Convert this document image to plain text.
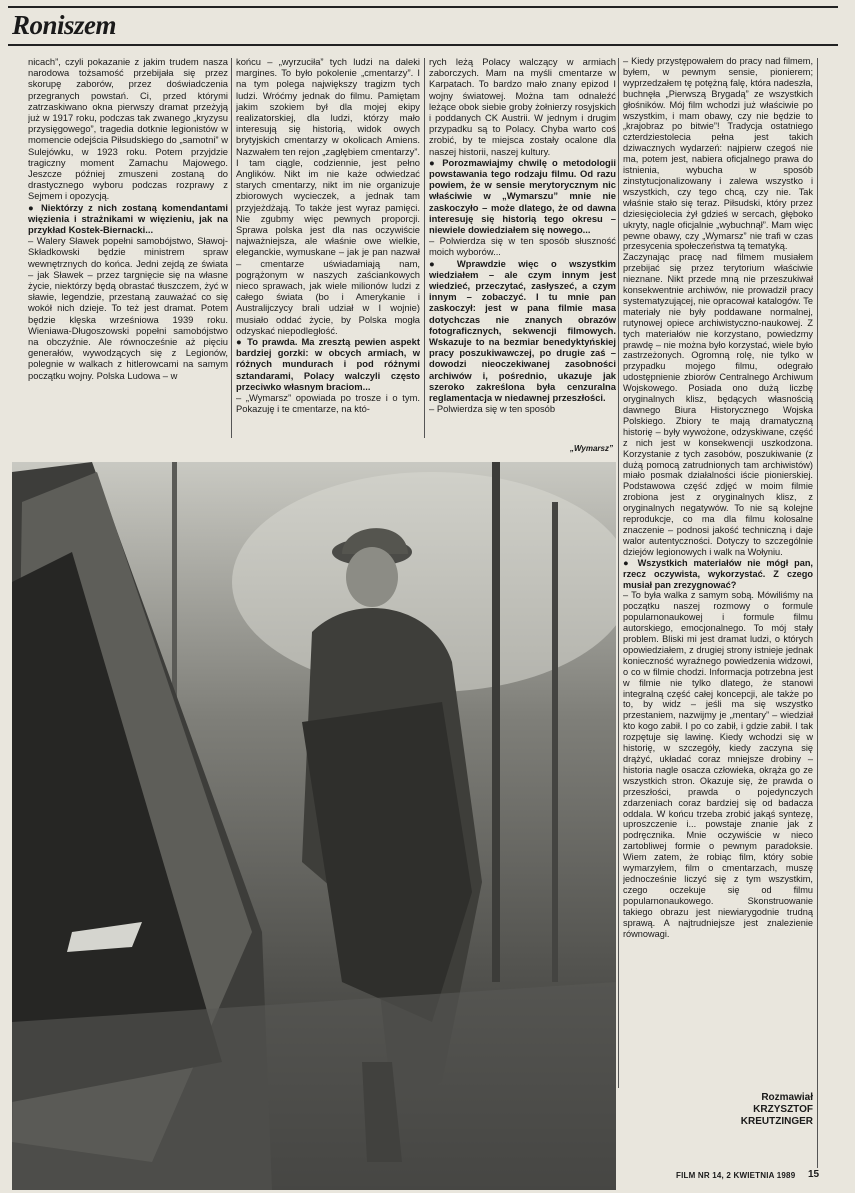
Roniszem

nicach”, czyli pokazanie z jakim trudem nasza narodowa tożsamość przebijała się przez skorupę zaborów, przez doświadczenia przegranych powstań. Ci, przed którymi zatrzaskiwano okna pierwszy dramat przeżyją już w 1917 roku, podczas tak zwanego „kryzysu przysięgowego”, tragedia dotknie legionistów w momencie odejścia Piłsudskiego do „samotni” w Sulejówku, w 1923 roku. Potem przyjdzie tragiczny moment Zamachu Majowego. Jeszcze później zmuszeni zostaną do drastycznego wyboru podczas rozprawy z Sejmem i opozycją.

● Niektórzy z nich zostaną komendantami więzienia i strażnikami w więzieniu, jak na przykład Kostek-Biernacki...

– Walery Sławek popełni samobójstwo, Sławoj-Składkowski będzie ministrem spraw wewnętrznych do końca. Jedni zejdą ze świata – jak Sławek – przez targnięcie się na własne życie, niektórzy będą obrastać tłuszczem, żyć w sławie, legendzie, przestaną zauważać co się wokół nich dzieje. To też jest dramat. Potem będzie klęska wrześniowa 1939 roku. Wieniawa-Długoszowski popełni samobójstwo na obczyźnie. Ale równocześnie aż pięciu generałów, wywodzących się z Legionów, polegnie w walkach z hitlerowcami na samym początku wojny. Polska Ludowa – w

końcu – „wyrzuciła” tych ludzi na daleki margines. To było pokolenie „cmentarzy”. I na tym polega największy tragizm tych ludzi. Wróćmy jednak do filmu. Pamiętam jakim szokiem był dla mojej ekipy realizatorskiej, dla ludzi, którzy mało interesują się historią, widok owych brytyjskich cmentarzy w okolicach Amiens. Nazwałem ten rejon „zagłębiem cmentarzy”. I tam ciągle, codziennie, jest pełno Anglików. Nikt im nie każe odwiedzać starych cmentarzy, nikt im nie organizuje zbiorowych wycieczek, a jednak tam przyjeżdżają. To także jest wyraz pamięci. Nie zgubmy więc pewnych proporcji. Sprawa polska jest dla nas oczywiście najważniejsza, ale właśnie owe wielkie, eleganckie, wymuskane – jak je pan nazwał – cmentarze uświadamiają nam, pogrążonym w naszych zaściankowych nieco sprawach, jak wiele milionów ludzi z całego świata (bo i Amerykanie i Australijczycy brali udział w I wojnie) musiało oddać życie, by Polska mogła odzyskać niepodległość.

● To prawda. Ma zresztą pewien aspekt bardziej gorzki: w obcych armiach, w różnych mundurach i pod różnymi sztandarami, Polacy walczyli często przeciwko własnym braciom...

– „Wymarsz” opowiada po trosze i o tym. Pokazuję i te cmentarze, na któ-

rych leżą Polacy walczący w armiach zaborczych. Mam na myśli cmentarze w Karpatach. To bardzo mało znany epizod I wojny światowej. Można tam odnaleźć leżące obok siebie groby żołnierzy rosyjskich i poddanych CK Austrii. W jednym i drugim przypadku są to Polacy. Chyba warto coś zrobić, by te miejsca zostały ocalone dla naszej historii, naszej kultury.

● Porozmawiajmy chwilę o metodologii powstawania tego rodzaju filmu. Od razu powiem, że w sensie merytorycznym nic właściwie w „Wymarszu” mnie nie zaskoczyło – może dlatego, że od dawna interesuję się historią tego okresu – niewiele dowiedziałem się nowego...

– Polwierdza się w ten sposób słuszność moich wyborów...

● Wprawdzie więc o wszystkim wiedziałem – ale czym innym jest wiedzieć, przeczytać, zasłyszeć, a czym innym – zobaczyć. I tu mnie pan zaskoczył: jest w pana filmie masa dotychczas nie znanych obrazów fotograficznych, sekwencji filmowych. Wskazuje to na bezmiar benedyktyńskiej pracy poszukiwawczej, po drugie zaś – dowodzi nieoczekiwanej zasobności archiwów i, pośrednio, ukazuje jak szeroko zakreślona była cenzuralna reglamentacja w niedawnej przeszłości.

– Polwierdza się w ten sposób

– Kiedy przystępowałem do pracy nad filmem, byłem, w pewnym sensie, pionierem; wyprzedzałem tę potężną falę, która nadeszła, buchnęła „Pierwszą Brygadą” ze wszystkich głośników. Mój film wchodzi już właściwie po wszystkim, i mam obawy, czy nie będzie to „krajobraz po bitwie”! Tradycja ostatniego czterdziestolecia pełna jest takich dziwacznych wydarzeń: najpierw czegoś nie ma, potem jest, nabiera oficjalnego prawa do istnienia, wybucha w sposób zinstytucjonalizowany i zalewa wszystko i wszystkich, czy tego chcą, czy nie. Tak właśnie stało się teraz. Piłsudski, który przez dziesięciolecia żył gdzieś w sercach, głęboko ukryty, nagle oficjalnie „wybuchnął”. Mam więc pewne obawy, czy „Wymarsz” nie trafi w czas przesycenia społeczeństwa tą tematyką.

Zaczynając pracę nad filmem musiałem przebijać się przez terytorium właściwie nieznane. Nikt przede mną nie przeszukiwał konsekwentnie archiwów, nie prowadził pracy systematyzującej, nie opracował katalogów. Te materiały nie były poddawane normalnej, rutynowej opiece archiwistyczno-naukowej. Z tych materiałów nie korzystano, powiedzmy prawdę – nie można było korzystać, wiele było zastrzeżonych. Ogromną rolę, nie tylko w przypadku mojego filmu, odegrało udostępnienie zbiorów Centralnego Archiwum Wojskowego. Posiada ono dużą liczbę oryginalnych klisz, będących własnością dawnego Biura Historycznego Wojska Polskiego. Zbiory te mają dramatyczną historię – były wywożone, odzyskiwane, część z nich jest w konsekwencji uszkodzona. Korzystanie z tych zasobów, poszukiwanie (z dużą pomocą zatrudnionych tam archiwistów) miało posmak działalności iście pionierskiej. Podstawowa część zdjęć w moim filmie zrobiona jest z oryginalnych klisz, z oryginalnych negatywów. To nie są kolejne reprodukcje, co ma dla filmu kolosalne znaczenie – podnosi jakość techniczną i daje walor autentyczności. Dotyczy to szczególnie dziejów legionowych i walk na Wołyniu.

● Wszystkich materiałów nie mógł pan, rzecz oczywista, wykorzystać. Z czego musiał pan zrezygnować?

– To była walka z samym sobą. Mówiliśmy na początku naszej rozmowy o formule popularnonaukowej i formule filmu autorskiego, emocjonalnego. To mój stały problem. Bliski mi jest dramat ludzi, o których opowiedziałem, z drugiej strony istnieje jednak konieczność wyraźnego powiedzenia widzowi, o co w filmie chodzi. Informacja potrzebna jest w filmie nie tylko dlatego, że stanowi integralną część całej koncepcji, ale także po to, by widz – jeśli ma się wszystko przestaniem, nazwijmy je „mentary” – wiedział kto kogo zabił. I po co zabił, i gdzie zabił. I tak rozpętuje się lawinę. Kiedy wchodzi się w historię, w szczegóły, kiedy zaczyna się drążyć, układać coraz mniejsze drobiny – historia nagle osacza człowieka, okrąża go ze wszystkich stron. Okazuje się, że prawda o przeszłości, prawda o pojedynczych zdarzeniach coraz bardziej się od badacza oddala. W końcu trzeba zrobić jakąś syntezę, uproszczenie i... powstaje znanie jak z podręcznika. Mnie oczywiście w nieco zartobliwej formie o pewnym paradoksie. Wiem zatem, że robiąc film, który sobie wymarzyłem, film o cmentarzach, muszę jednocześnie liczyć się z tym wszystkim, czego oczekuje się od filmu popularnonaukowego. Skonstruowanie takiego obrazu jest niewiarygodnie trudną sprawą. A najtrudniejsze jest znalezienie równowagi.

„Wymarsz”
Rozmawiał
KRZYSZTOF
KREUTZINGER
FILM NR 14, 2 KWIETNIA 1989 15
